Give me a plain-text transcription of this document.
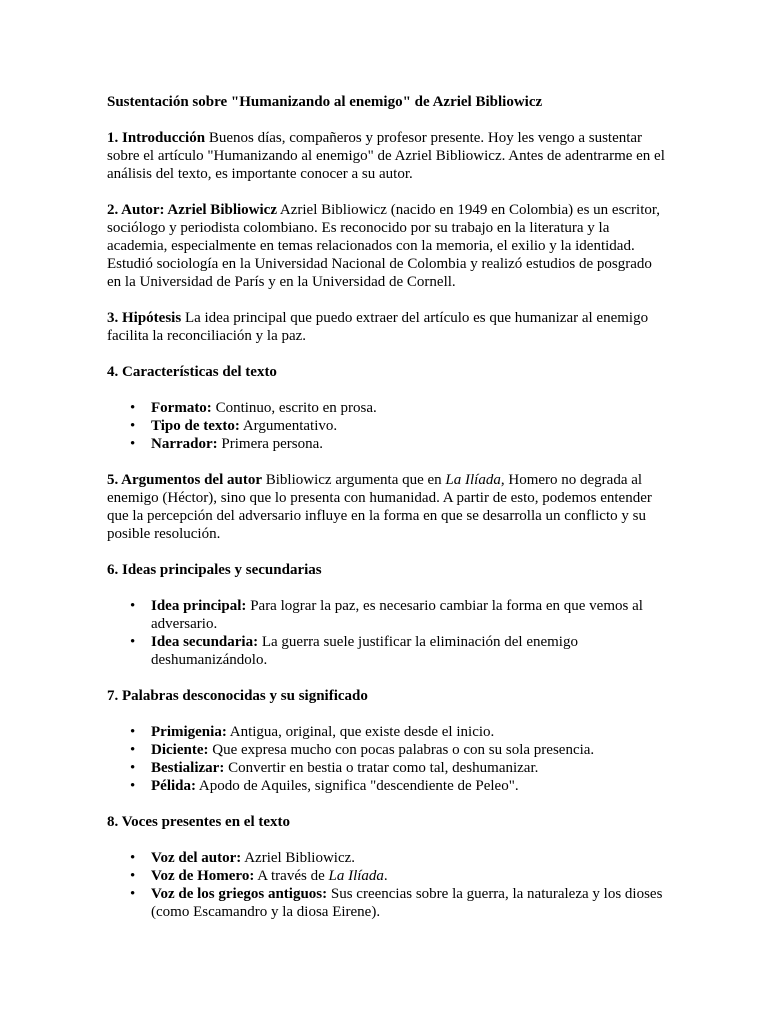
Sustentación sobre "Humanizando al enemigo" de Azriel Bibliowicz

1. Introducción Buenos días, compañeros y profesor presente. Hoy les vengo a sustentar sobre el artículo "Humanizando al enemigo" de Azriel Bibliowicz. Antes de adentrarme en el análisis del texto, es importante conocer a su autor.

2. Autor: Azriel Bibliowicz Azriel Bibliowicz (nacido en 1949 en Colombia) es un escritor, sociólogo y periodista colombiano. Es reconocido por su trabajo en la literatura y la academia, especialmente en temas relacionados con la memoria, el exilio y la identidad. Estudió sociología en la Universidad Nacional de Colombia y realizó estudios de posgrado en la Universidad de París y en la Universidad de Cornell.

3. Hipótesis La idea principal que puedo extraer del artículo es que humanizar al enemigo facilita la reconciliación y la paz.

4. Características del texto

• Formato: Continuo, escrito en prosa.
• Tipo de texto: Argumentativo.
• Narrador: Primera persona.

5. Argumentos del autor Bibliowicz argumenta que en La Ilíada, Homero no degrada al enemigo (Héctor), sino que lo presenta con humanidad. A partir de esto, podemos entender que la percepción del adversario influye en la forma en que se desarrolla un conflicto y su posible resolución.

6. Ideas principales y secundarias

• Idea principal: Para lograr la paz, es necesario cambiar la forma en que vemos al adversario.
• Idea secundaria: La guerra suele justificar la eliminación del enemigo deshumanizándolo.

7. Palabras desconocidas y su significado

• Primigenia: Antigua, original, que existe desde el inicio.
• Diciente: Que expresa mucho con pocas palabras o con su sola presencia.
• Bestializar: Convertir en bestia o tratar como tal, deshumanizar.
• Pélida: Apodo de Aquiles, significa "descendiente de Peleo".

8. Voces presentes en el texto

• Voz del autor: Azriel Bibliowicz.
• Voz de Homero: A través de La Ilíada.
• Voz de los griegos antiguos: Sus creencias sobre la guerra, la naturaleza y los dioses (como Escamandro y la diosa Eirene).
